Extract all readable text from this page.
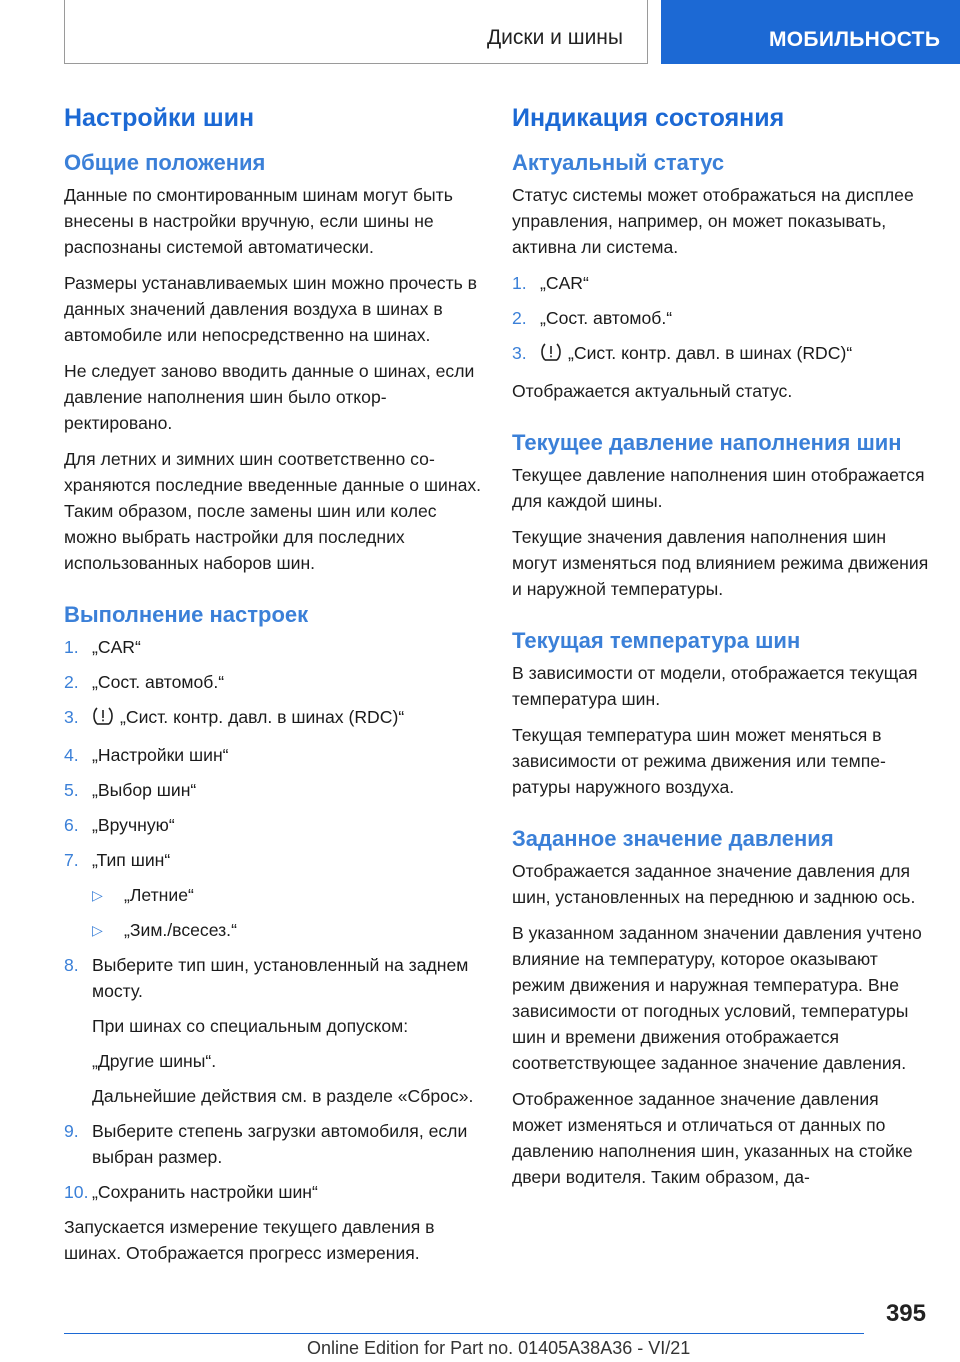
Диски и шины	МОБИЛЬНОСТЬ
Настройки шин
Общие положения

Данные по смонтированным шинам могут быть внесены в настройки вручную, если шины не распознаны системой автоматически.

Размеры устанавливаемых шин можно прочесть в данных значений давления воздуха в шинах в автомобиле или непосредственно на шинах.

Не следует заново вводить данные о шинах, если давление наполнения шин было откорректировано.

Для летних и зимних шин соответственно сохраняются последние введенные данные о шинах. Таким образом, после замены шин или колес можно выбрать настройки для последних использованных наборов шин.

Выполнение настроек
1. „CAR“
2. „Сост. автомоб.“
3. „Сист. контр. давл. в шинах (RDC)“
4. „Настройки шин“
5. „Выбор шин“
6. „Вручную“
7. „Тип шин“
▷ „Летние“
▷ „Зим./всесез.“
8. Выберите тип шин, установленный на заднем мосту.

При шинах со специальным допуском:

„Другие шины“.

Дальнейшие действия см. в разделе «Сброс».

9. Выберите степень загрузки автомобиля, если выбран размер.
10. „Сохранить настройки шин“

Запускается измерение текущего давления в шинах. Отображается прогресс измерения.

Индикация состояния
Актуальный статус

Статус системы может отображаться на дисплее управления, например, он может показывать, активна ли система.

1. „CAR“
2. „Сост. автомоб.“
3. „Сист. контр. давл. в шинах (RDC)“

Отображается актуальный статус.

Текущее давление наполнения шин

Текущее давление наполнения шин отображается для каждой шины.

Текущие значения давления наполнения шин могут изменяться под влиянием режима движения и наружной температуры.

Текущая температура шин

В зависимости от модели, отображается текущая температура шин.

Текущая температура шин может меняться в зависимости от режима движения или температуры наружного воздуха.

Заданное значение давления

Отображается заданное значение давления для шин, установленных на переднюю и заднюю ось.

В указанном заданном значении давления учтено влияние на температуру, которое оказывают режим движения и наружная температура. Вне зависимости от погодных условий, температуры шин и времени движения отображается соответствующее заданное значение давления.

Отображенное заданное значение давления может изменяться и отличаться от данных по давлению наполнения шин, указанных на стойке двери водителя. Таким образом, да-

395
Online Edition for Part no. 01405A38A36 - VI/21
